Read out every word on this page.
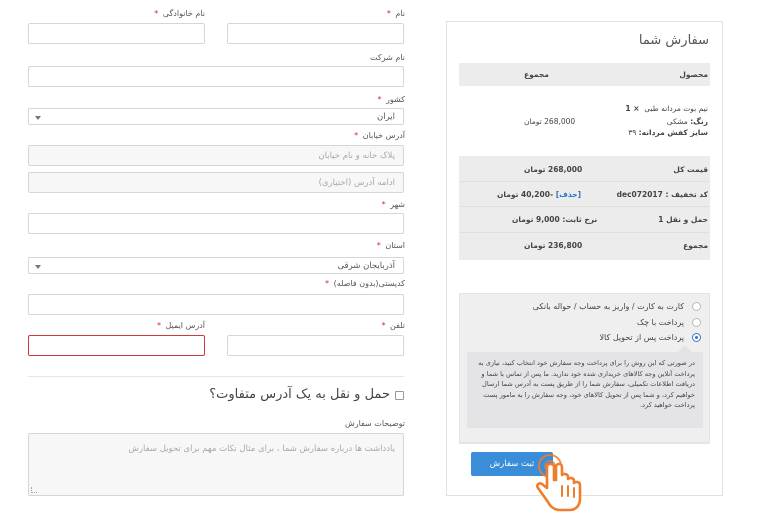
نام *
نام خانوادگی *
نام شرکت
کشور *
ایران
آدرس خیابان *
پلاک خانه و نام خیابان
ادامه آدرس (اختیاری)
شهر *
استان *
آذربایجان شرقی
کدپستی(بدون فاصله) *
تلفن *
آدرس ایمیل *
حمل و نقل به یک آدرس متفاوت؟
توضیحات سفارش
یادداشت ها درباره سفارش شما ، برای مثال نکات مهم برای تحویل سفارش
سفارش شما
محصول
مجموع
نیم بوت مردانه طبی  × 1
رنگ: مشکی
سایز کفش مردانه: ۳۹
268,000 تومان
قیمت کل
268,000 تومان
کد تخفیف : dec072017
[حذف] -40,200 تومان
حمل و نقل 1
نرخ ثابت: 9,000 تومان
مجموع
236,800 تومان
کارت به کارت / واریز به حساب / حواله بانکی
پرداخت با چک
پرداخت پس از تحویل کالا
در صورتی که این روش را برای پرداخت وجه سفارش خود انتخاب کنید، نیازی به پرداخت آنلاین وجه کالاهای خریداری شده خود ندارید. ما پس از تماس با شما و دریافت اطلاعات تکمیلی، سفارش شما را از طریق پست به آدرس شما ارسال خواهیم کرد، و شما پس از تحویل کالاهای خود، وجه سفارش را به مامور پست پرداخت خواهید کرد.
ثبت سفارش
